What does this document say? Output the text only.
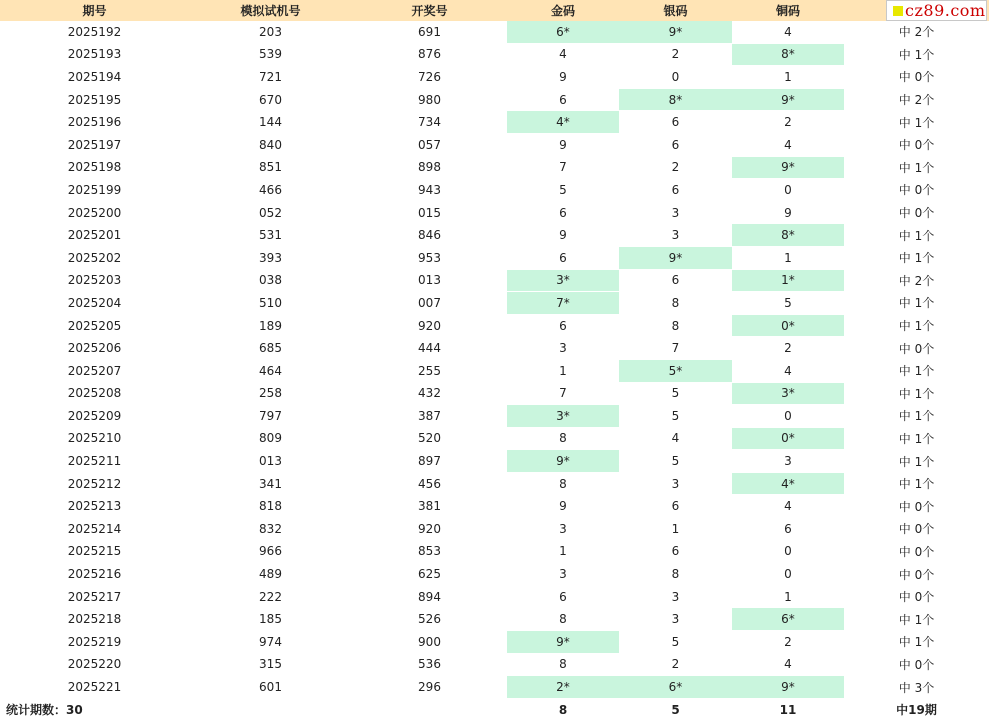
期号	模拟试机号	开奖号	金码	银码	铜码	
2025192	203	691	6*	9*	4	中 2个
2025193	539	876	4	2	8*	中 1个
2025194	721	726	9	0	1	中 0个
2025195	670	980	6	8*	9*	中 2个
2025196	144	734	4*	6	2	中 1个
2025197	840	057	9	6	4	中 0个
2025198	851	898	7	2	9*	中 1个
2025199	466	943	5	6	0	中 0个
2025200	052	015	6	3	9	中 0个
2025201	531	846	9	3	8*	中 1个
2025202	393	953	6	9*	1	中 1个
2025203	038	013	3*	6	1*	中 2个
2025204	510	007	7*	8	5	中 1个
2025205	189	920	6	8	0*	中 1个
2025206	685	444	3	7	2	中 0个
2025207	464	255	1	5*	4	中 1个
2025208	258	432	7	5	3*	中 1个
2025209	797	387	3*	5	0	中 1个
2025210	809	520	8	4	0*	中 1个
2025211	013	897	9*	5	3	中 1个
2025212	341	456	8	3	4*	中 1个
2025213	818	381	9	6	4	中 0个
2025214	832	920	3	1	6	中 0个
2025215	966	853	1	6	0	中 0个
2025216	489	625	3	8	0	中 0个
2025217	222	894	6	3	1	中 0个
2025218	185	526	8	3	6*	中 1个
2025219	974	900	9*	5	2	中 1个
2025220	315	536	8	2	4	中 0个
2025221	601	296	2*	6*	9*	中 3个
统计期数：30			8	5	11	中19期
cz89.com
